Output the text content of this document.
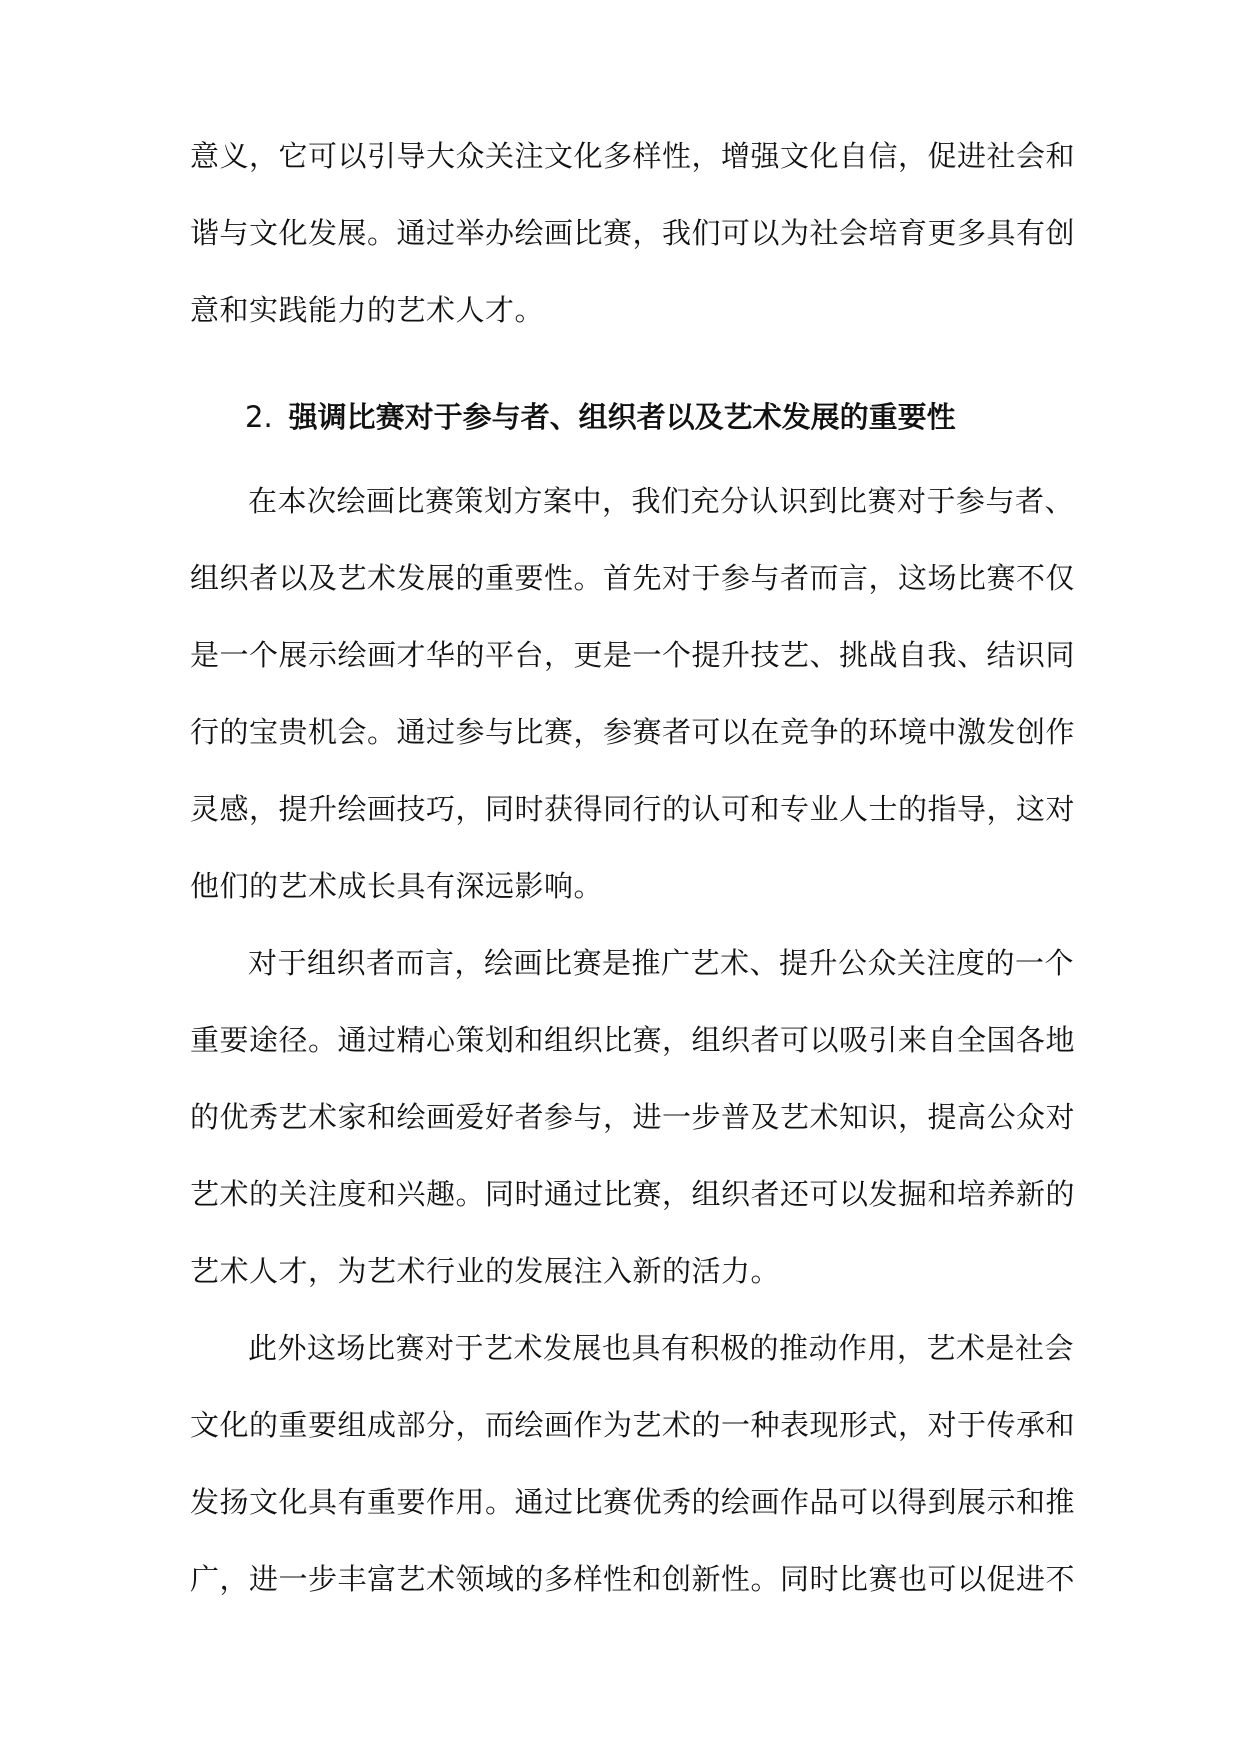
意义，它可以引导大众关注文化多样性，增强文化自信，促进社会和
谐与文化发展。通过举办绘画比赛，我们可以为社会培育更多具有创
意和实践能力的艺术人才。
2. 强调比赛对于参与者、组织者以及艺术发展的重要性
在本次绘画比赛策划方案中，我们充分认识到比赛对于参与者、
组织者以及艺术发展的重要性。首先对于参与者而言，这场比赛不仅
是一个展示绘画才华的平台，更是一个提升技艺、挑战自我、结识同
行的宝贵机会。通过参与比赛，参赛者可以在竞争的环境中激发创作
灵感，提升绘画技巧，同时获得同行的认可和专业人士的指导，这对
他们的艺术成长具有深远影响。
对于组织者而言，绘画比赛是推广艺术、提升公众关注度的一个
重要途径。通过精心策划和组织比赛，组织者可以吸引来自全国各地
的优秀艺术家和绘画爱好者参与，进一步普及艺术知识，提高公众对
艺术的关注度和兴趣。同时通过比赛，组织者还可以发掘和培养新的
艺术人才，为艺术行业的发展注入新的活力。
此外这场比赛对于艺术发展也具有积极的推动作用，艺术是社会
文化的重要组成部分，而绘画作为艺术的一种表现形式，对于传承和
发扬文化具有重要作用。通过比赛优秀的绘画作品可以得到展示和推
广，进一步丰富艺术领域的多样性和创新性。同时比赛也可以促进不
